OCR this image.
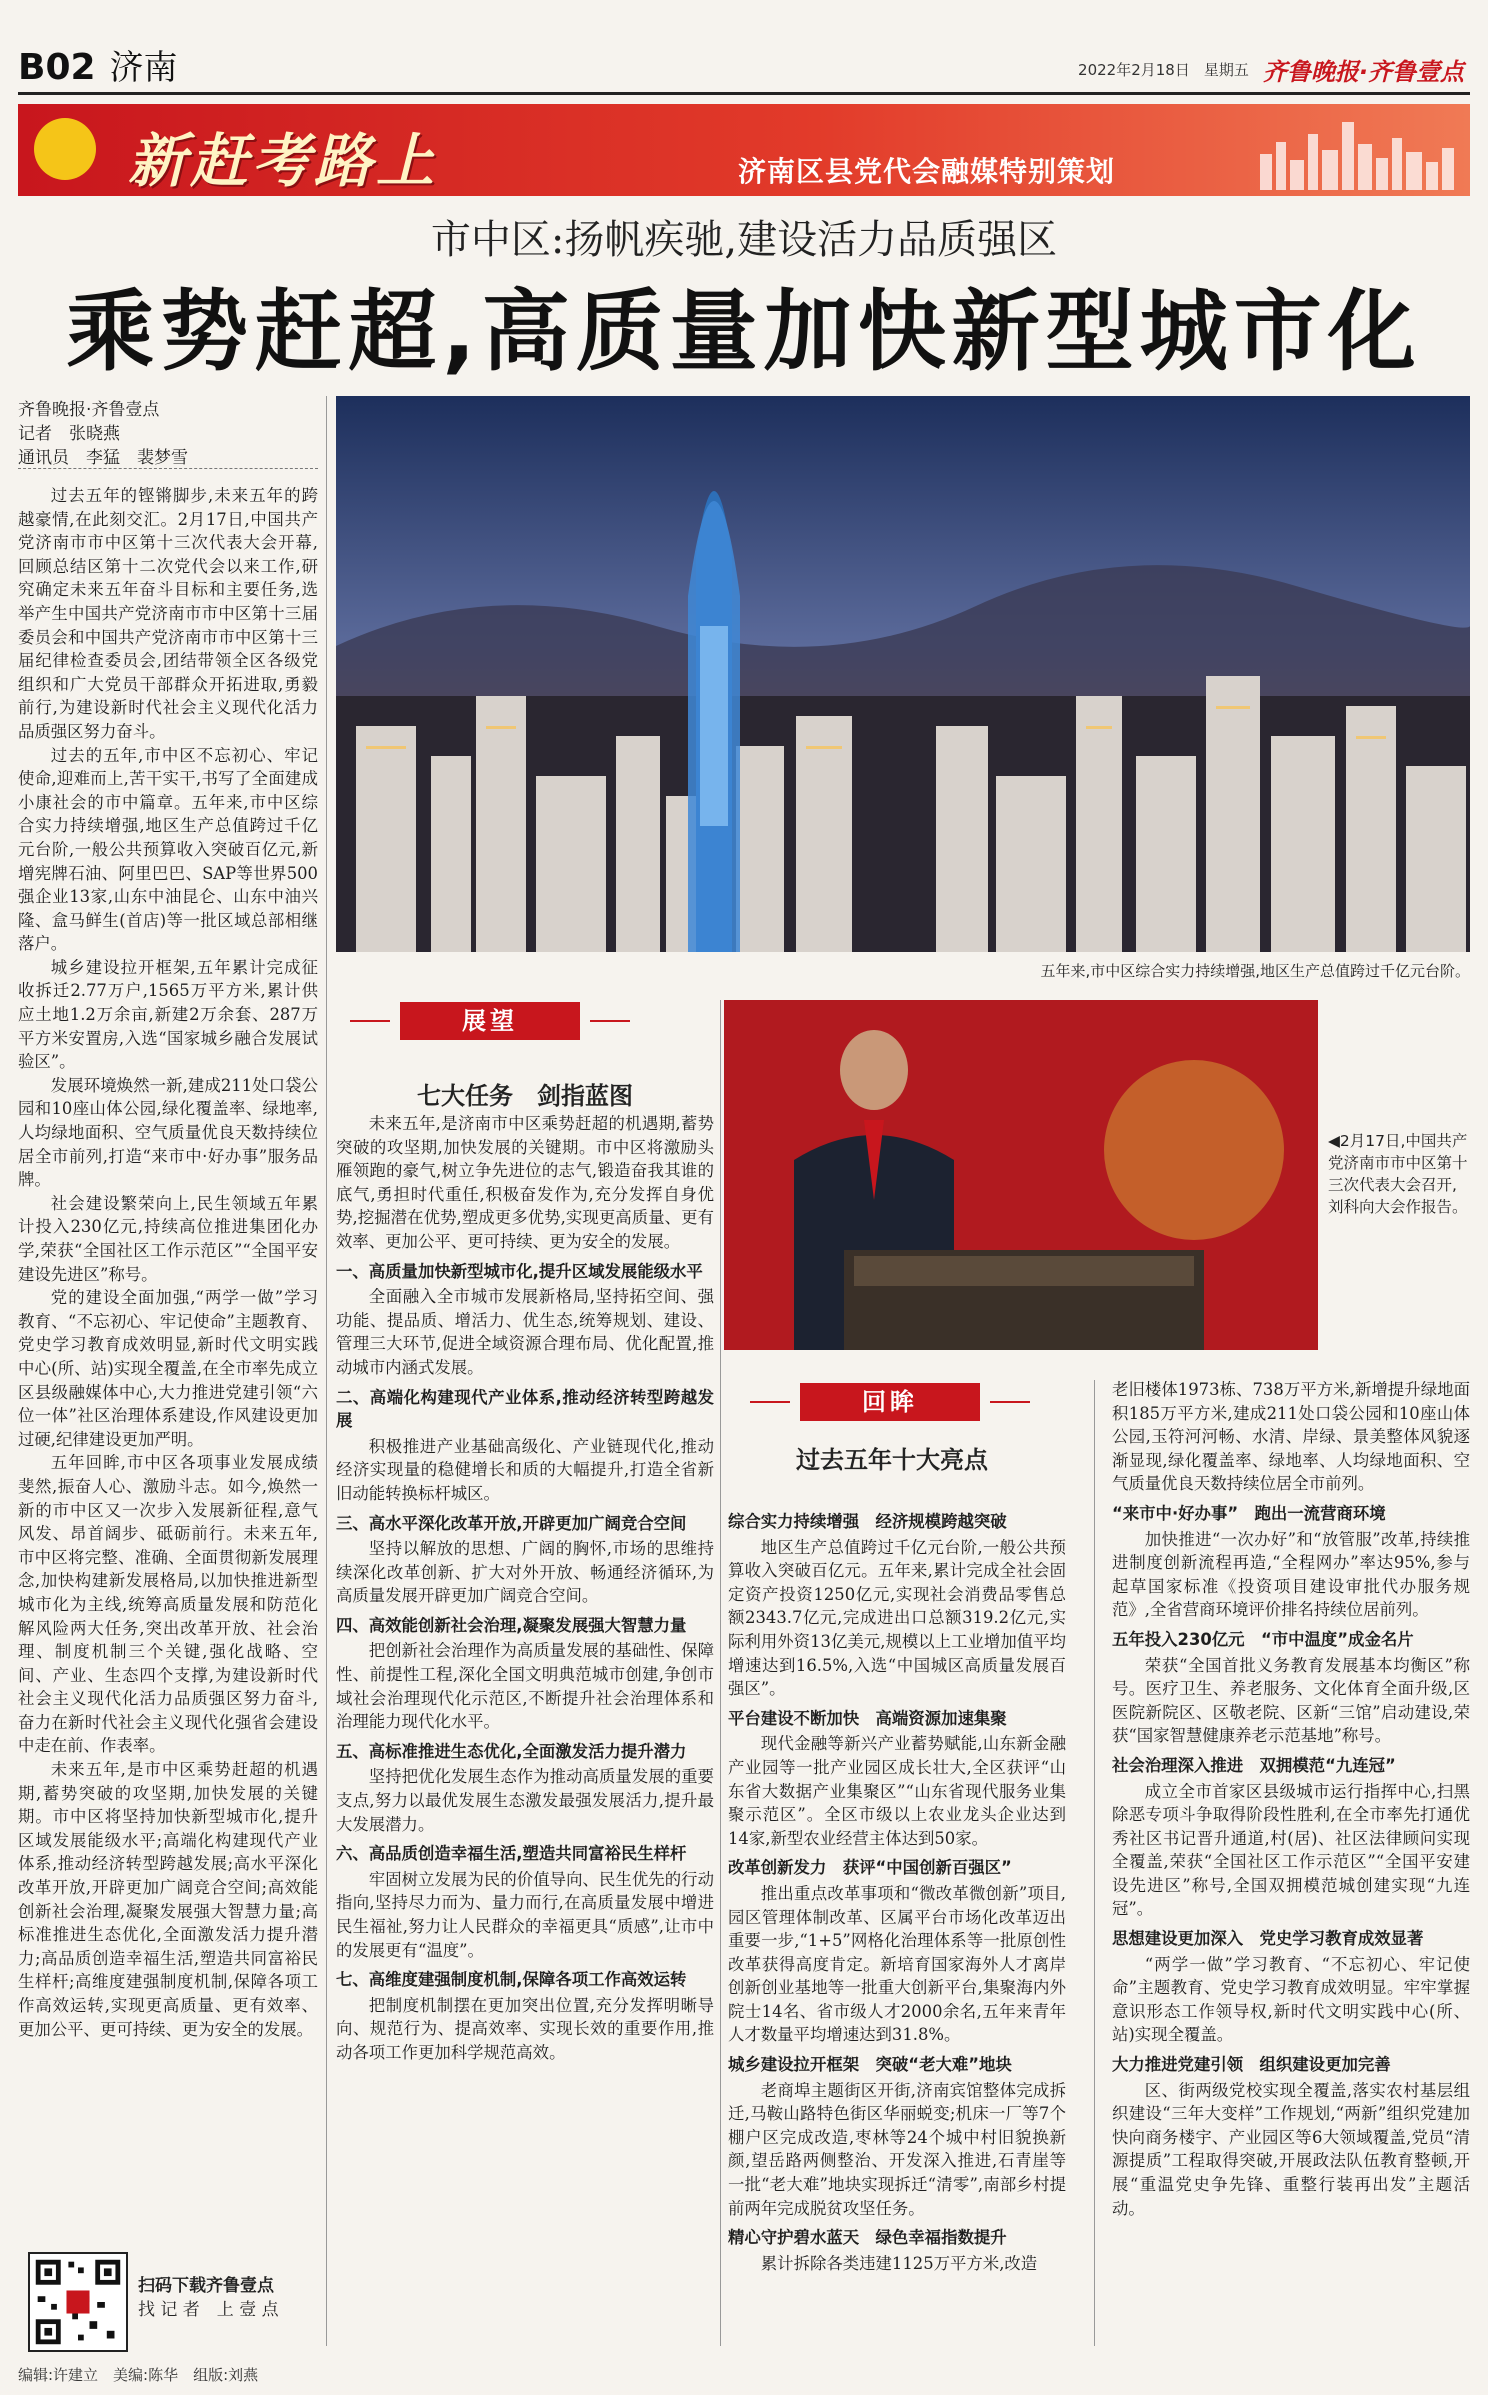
B02 济南	2022年2月18日 星期五 齐鲁晚报·齐鲁壹点
新赶考路上	济南区县党代会融媒特别策划
市中区:扬帆疾驰,建设活力品质强区
乘势赶超,高质量加快新型城市化
齐鲁晚报·齐鲁壹点
记者　张晓燕
通讯员　李猛　裴梦雪

过去五年的铿锵脚步,未来五年的跨越豪情,在此刻交汇。2月17日,中国共产党济南市市中区第十三次代表大会开幕,回顾总结区第十二次党代会以来工作,研究确定未来五年奋斗目标和主要任务,选举产生中国共产党济南市市中区第十三届委员会和中国共产党济南市市中区第十三届纪律检查委员会,团结带领全区各级党组织和广大党员干部群众开拓进取,勇毅前行,为建设新时代社会主义现代化活力品质强区努力奋斗。

过去的五年,市中区不忘初心、牢记使命,迎难而上,苦干实干,书写了全面建成小康社会的市中篇章。五年来,市中区综合实力持续增强,地区生产总值跨过千亿元台阶,一般公共预算收入突破百亿元,新增宪牌石油、阿里巴巴、SAP等世界500强企业13家,山东中油昆仑、山东中油兴隆、盒马鲜生(首店)等一批区域总部相继落户。

城乡建设拉开框架,五年累计完成征收拆迁2.77万户,1565万平方米,累计供应土地1.2万余亩,新建2万余套、287万平方米安置房,入选“国家城乡融合发展试验区”。

发展环境焕然一新,建成211处口袋公园和10座山体公园,绿化覆盖率、绿地率,人均绿地面积、空气质量优良天数持续位居全市前列,打造“来市中·好办事”服务品牌。

社会建设繁荣向上,民生领域五年累计投入230亿元,持续高位推进集团化办学,荣获“全国社区工作示范区”“全国平安建设先进区”称号。

党的建设全面加强,“两学一做”学习教育、“不忘初心、牢记使命”主题教育、党史学习教育成效明显,新时代文明实践中心(所、站)实现全覆盖,在全市率先成立区县级融媒体中心,大力推进党建引领“六位一体”社区治理体系建设,作风建设更加过硬,纪律建设更加严明。

五年回眸,市中区各项事业发展成绩斐然,振奋人心、激励斗志。如今,焕然一新的市中区又一次步入发展新征程,意气风发、昂首阔步、砥砺前行。未来五年,市中区将完整、准确、全面贯彻新发展理念,加快构建新发展格局,以加快推进新型城市化为主线,统筹高质量发展和防范化解风险两大任务,突出改革开放、社会治理、制度机制三个关键,强化战略、空间、产业、生态四个支撑,为建设新时代社会主义现代化活力品质强区努力奋斗,奋力在新时代社会主义现代化强省会建设中走在前、作表率。

未来五年,是市中区乘势赶超的机遇期,蓄势突破的攻坚期,加快发展的关键期。市中区将坚持加快新型城市化,提升区域发展能级水平;高端化构建现代产业体系,推动经济转型跨越发展;高水平深化改革开放,开辟更加广阔竞合空间;高效能创新社会治理,凝聚发展强大智慧力量;高标准推进生态优化,全面激发活力提升潜力;高品质创造幸福生活,塑造共同富裕民生样杆;高维度建强制度机制,保障各项工作高效运转,实现更高质量、更有效率、更加公平、更可持续、更为安全的发展。

五年来,市中区综合实力持续增强,地区生产总值跨过千亿元台阶。
展望
七大任务　剑指蓝图

未来五年,是济南市中区乘势赶超的机遇期,蓄势突破的攻坚期,加快发展的关键期。市中区将激励头雁领跑的豪气,树立争先进位的志气,锻造奋我其谁的底气,勇担时代重任,积极奋发作为,充分发挥自身优势,挖掘潜在优势,塑成更多优势,实现更高质量、更有效率、更加公平、更可持续、更为安全的发展。

一、高质量加快新型城市化,提升区域发展能级水平

全面融入全市城市发展新格局,坚持拓空间、强功能、提品质、增活力、优生态,统筹规划、建设、管理三大环节,促进全域资源合理布局、优化配置,推动城市内涵式发展。

二、高端化构建现代产业体系,推动经济转型跨越发展

积极推进产业基础高级化、产业链现代化,推动经济实现量的稳健增长和质的大幅提升,打造全省新旧动能转换标杆城区。

三、高水平深化改革开放,开辟更加广阔竞合空间

坚持以解放的思想、广阔的胸怀,市场的思维持续深化改革创新、扩大对外开放、畅通经济循环,为高质量发展开辟更加广阔竞合空间。

四、高效能创新社会治理,凝聚发展强大智慧力量

把创新社会治理作为高质量发展的基础性、保障性、前提性工程,深化全国文明典范城市创建,争创市域社会治理现代化示范区,不断提升社会治理体系和治理能力现代化水平。

五、高标准推进生态优化,全面激发活力提升潜力

坚持把优化发展生态作为推动高质量发展的重要支点,努力以最优发展生态激发最强发展活力,提升最大发展潜力。

六、高品质创造幸福生活,塑造共同富裕民生样杆

牢固树立发展为民的价值导向、民生优先的行动指向,坚持尽力而为、量力而行,在高质量发展中增进民生福祉,努力让人民群众的幸福更具“质感”,让市中的发展更有“温度”。

七、高维度建强制度机制,保障各项工作高效运转

把制度机制摆在更加突出位置,充分发挥明晰导向、规范行为、提高效率、实现长效的重要作用,推动各项工作更加科学规范高效。

◀2月17日,中国共产党济南市市中区第十三次代表大会召开,刘科向大会作报告。
回眸
过去五年十大亮点
综合实力持续增强　经济规模跨越突破

地区生产总值跨过千亿元台阶,一般公共预算收入突破百亿元。五年来,累计完成全社会固定资产投资1250亿元,实现社会消费品零售总额2343.7亿元,完成进出口总额319.2亿元,实际利用外资13亿美元,规模以上工业增加值平均增速达到16.5%,入选“中国城区高质量发展百强区”。

平台建设不断加快　高端资源加速集聚

现代金融等新兴产业蓄势赋能,山东新金融产业园等一批产业园区成长壮大,全区获评“山东省大数据产业集聚区”“山东省现代服务业集聚示范区”。全区市级以上农业龙头企业达到14家,新型农业经营主体达到50家。

改革创新发力　获评“中国创新百强区”

推出重点改革事项和“微改革微创新”项目,园区管理体制改革、区属平台市场化改革迈出重要一步,“1+5”网格化治理体系等一批原创性改革获得高度肯定。新培育国家海外人才离岸创新创业基地等一批重大创新平台,集聚海内外院士14名、省市级人才2000余名,五年来青年人才数量平均增速达到31.8%。

城乡建设拉开框架　突破“老大难”地块

老商埠主题街区开街,济南宾馆整体完成拆迁,马鞍山路特色街区华丽蜕变;机床一厂等7个棚户区完成改造,枣林等24个城中村旧貌换新颜,望岳路两侧整治、开发深入推进,石青崖等一批“老大难”地块实现拆迁“清零”,南部乡村提前两年完成脱贫攻坚任务。

精心守护碧水蓝天　绿色幸福指数提升

累计拆除各类违建1125万平方米,改造

老旧楼体1973栋、738万平方米,新增提升绿地面积185万平方米,建成211处口袋公园和10座山体公园,玉符河河畅、水清、岸绿、景美整体风貌逐渐显现,绿化覆盖率、绿地率、人均绿地面积、空气质量优良天数持续位居全市前列。

“来市中·好办事”　跑出一流营商环境

加快推进“一次办好”和“放管服”改革,持续推进制度创新流程再造,“全程网办”率达95%,参与起草国家标准《投资项目建设审批代办服务规范》,全省营商环境评价排名持续位居前列。

五年投入230亿元　“市中温度”成金名片

荣获“全国首批义务教育发展基本均衡区”称号。医疗卫生、养老服务、文化体育全面升级,区医院新院区、区敬老院、区新“三馆”启动建设,荣获“国家智慧健康养老示范基地”称号。

社会治理深入推进　双拥模范“九连冠”

成立全市首家区县级城市运行指挥中心,扫黑除恶专项斗争取得阶段性胜利,在全市率先打通优秀社区书记晋升通道,村(居)、社区法律顾问实现全覆盖,荣获“全国社区工作示范区”“全国平安建设先进区”称号,全国双拥模范城创建实现“九连冠”。

思想建设更加深入　党史学习教育成效显著

“两学一做”学习教育、“不忘初心、牢记使命”主题教育、党史学习教育成效明显。牢牢掌握意识形态工作领导权,新时代文明实践中心(所、站)实现全覆盖。

大力推进党建引领　组织建设更加完善

区、街两级党校实现全覆盖,落实农村基层组织建设“三年大变样”工作规划,“两新”组织党建加快向商务楼宇、产业园区等6大领域覆盖,党员“清源提质”工程取得突破,开展政法队伍教育整顿,开展“重温党史争先锋、重整行装再出发”主题活动。

扫码下载齐鲁壹点
找 记 者　上 壹 点
编辑:许建立　美编:陈华　组版:刘燕
